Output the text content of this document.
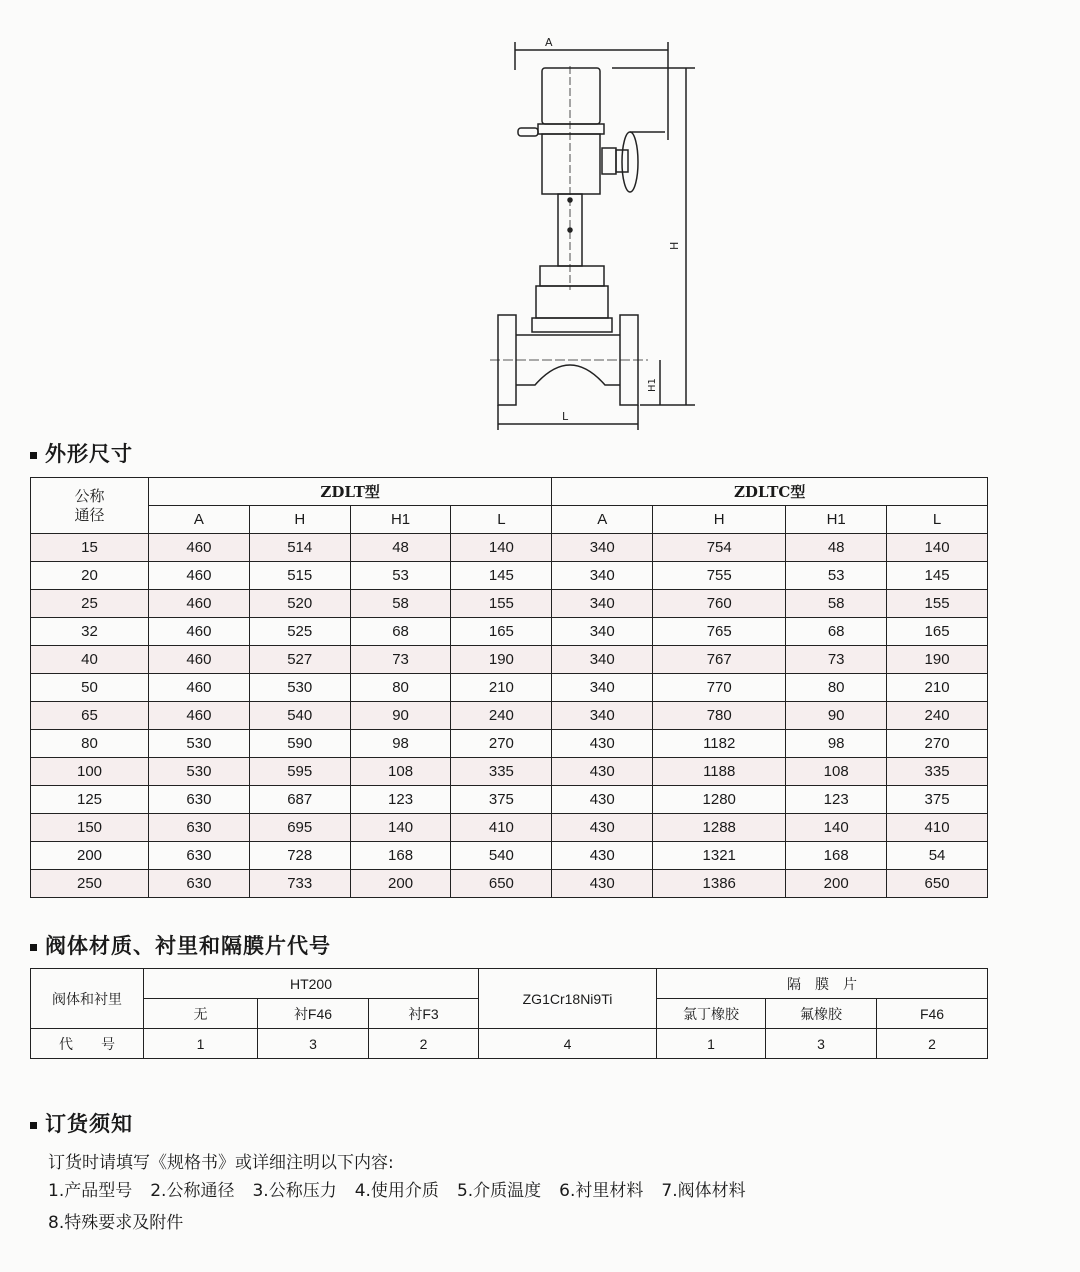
A
H
H1
L
外形尺寸
公称
通径	ZDLT型				ZDLTC型			
	A	H	H1	L	A	H	H1	L
15	460	514	48	140	340	754	48	140
20	460	515	53	145	340	755	53	145
25	460	520	58	155	340	760	58	155
32	460	525	68	165	340	765	68	165
40	460	527	73	190	340	767	73	190
50	460	530	80	210	340	770	80	210
65	460	540	90	240	340	780	90	240
80	530	590	98	270	430	1182	98	270
100	530	595	108	335	430	1188	108	335
125	630	687	123	375	430	1280	123	375
150	630	695	140	410	430	1288	140	410
200	630	728	168	540	430	1321	168	54
250	630	733	200	650	430	1386	200	650
阀体材质、衬里和隔膜片代号
阀体和衬里	HT200			ZG1Cr18Ni9Ti	隔　膜　片		
	无	衬F46	衬F3		氯丁橡胶	氟橡胶	F46
代　　号	1	3	2	4	1	3	2
订货须知
订货时请填写《规格书》或详细注明以下内容:
1.产品型号 2.公称通径 3.公称压力 4.使用介质 5.介质温度 6.衬里材料 7.阀体材料
8.特殊要求及附件
